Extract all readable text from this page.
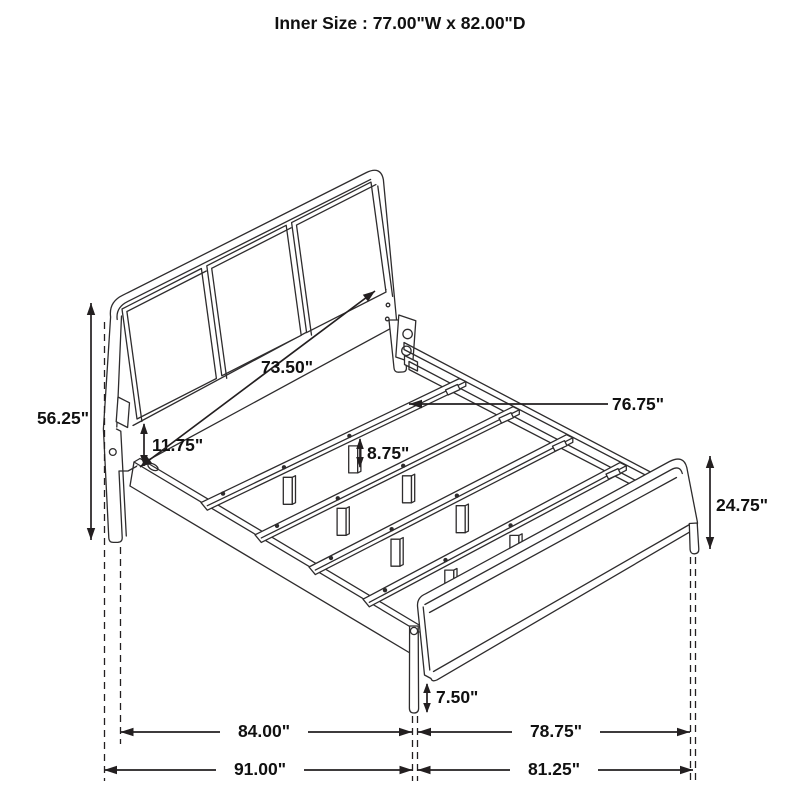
56.25"
11.75"
73.50"
76.75"
8.75"
24.75"
7.50"
84.00"
91.00"
78.75"
81.25"
Inner Size : 77.00"W x 82.00"D
